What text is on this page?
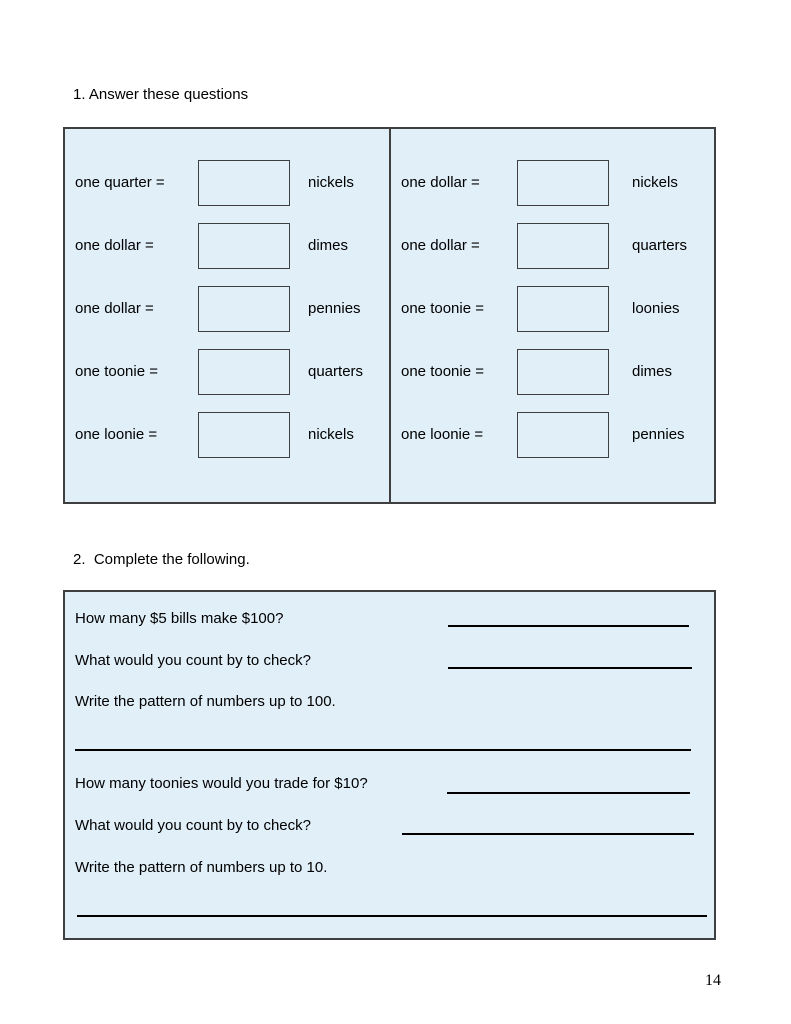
1. Answer these questions
one quarter =	nickels
one dollar =	dimes
one dollar =	pennies
one toonie =	quarters
one loonie =	nickels
one dollar =	nickels
one dollar =	quarters
one toonie =	loonies
one toonie =	dimes
one loonie =	pennies
2.  Complete the following.
How many $5 bills make $100?
What would you count by to check?
Write the pattern of numbers up to 100.
How many toonies would you trade for $10?
What would you count by to check?
Write the pattern of numbers up to 10.
14
